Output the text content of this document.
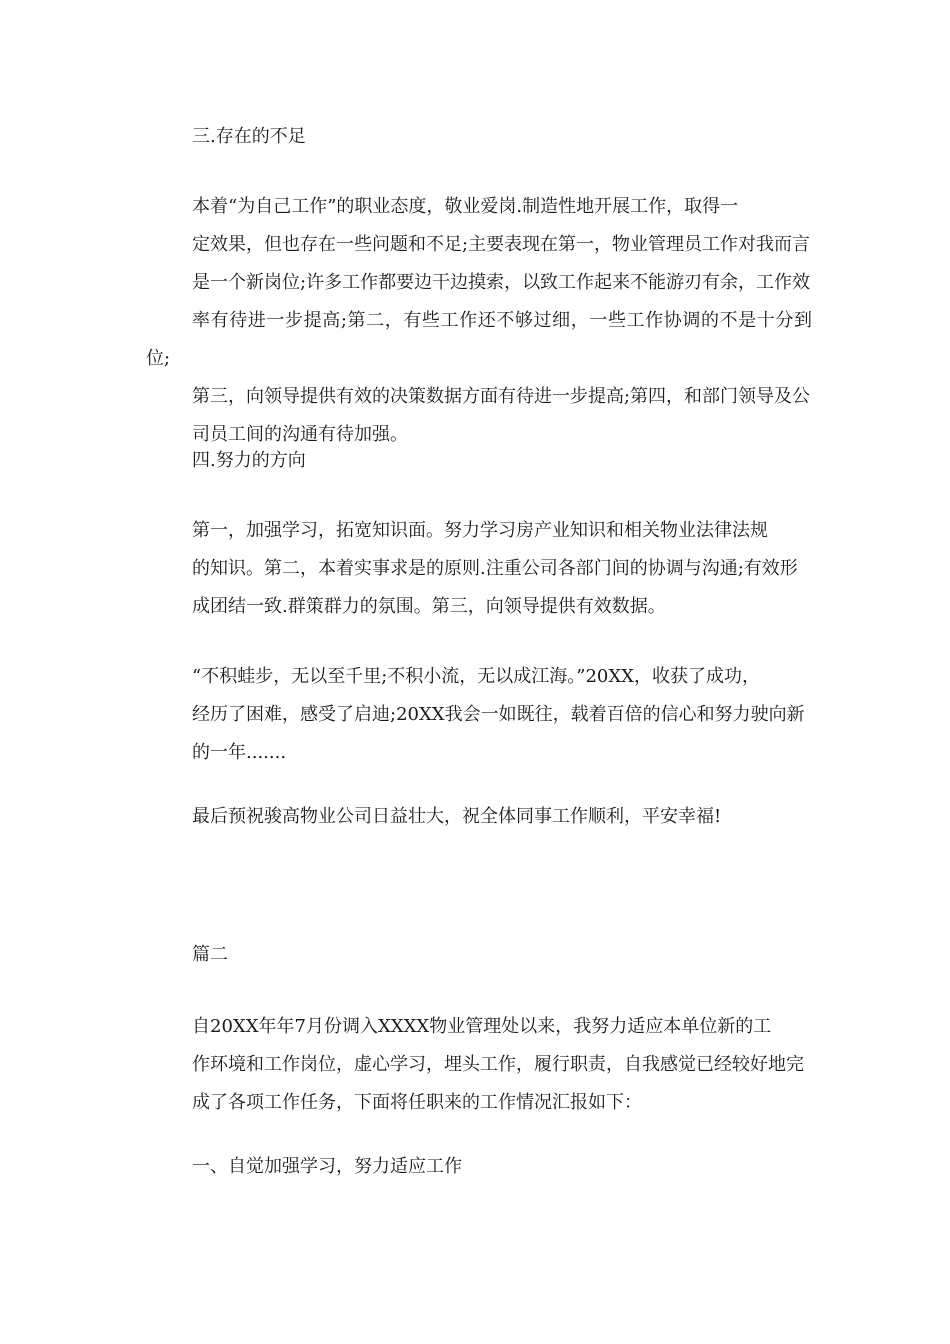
三.存在的不足

本着“为自己工作”的职业态度，敬业爱岗.制造性地开展工作，取得一
定效果，但也存在一些问题和不足;主要表现在第一，物业管理员工作对我而言
是一个新岗位;许多工作都要边干边摸索，以致工作起来不能游刃有余，工作效
率有待进一步提高;第二，有些工作还不够过细，一些工作协调的不是十分到位;
第三，向领导提供有效的决策数据方面有待进一步提高;第四，和部门领导及公
司员工间的沟通有待加强。

四.努力的方向

第一，加强学习，拓宽知识面。努力学习房产业知识和相关物业法律法规
的知识。第二，本着实事求是的原则.注重公司各部门间的协调与沟通;有效形
成团结一致.群策群力的氛围。第三，向领导提供有效数据。

“不积蛙步，无以至千里;不积小流，无以成江海。”20XX，收获了成功，
经历了困难，感受了启迪;20XX我会一如既往，载着百倍的信心和努力驶向新
的一年.......

最后预祝骏高物业公司日益壮大，祝全体同事工作顺利，平安幸福!

篇二

自20XX年年7月份调入XXXX物业管理处以来，我努力适应本单位新的工
作环境和工作岗位，虚心学习，埋头工作，履行职责，自我感觉已经较好地完
成了各项工作任务，下面将任职来的工作情况汇报如下：

一、自觉加强学习，努力适应工作
